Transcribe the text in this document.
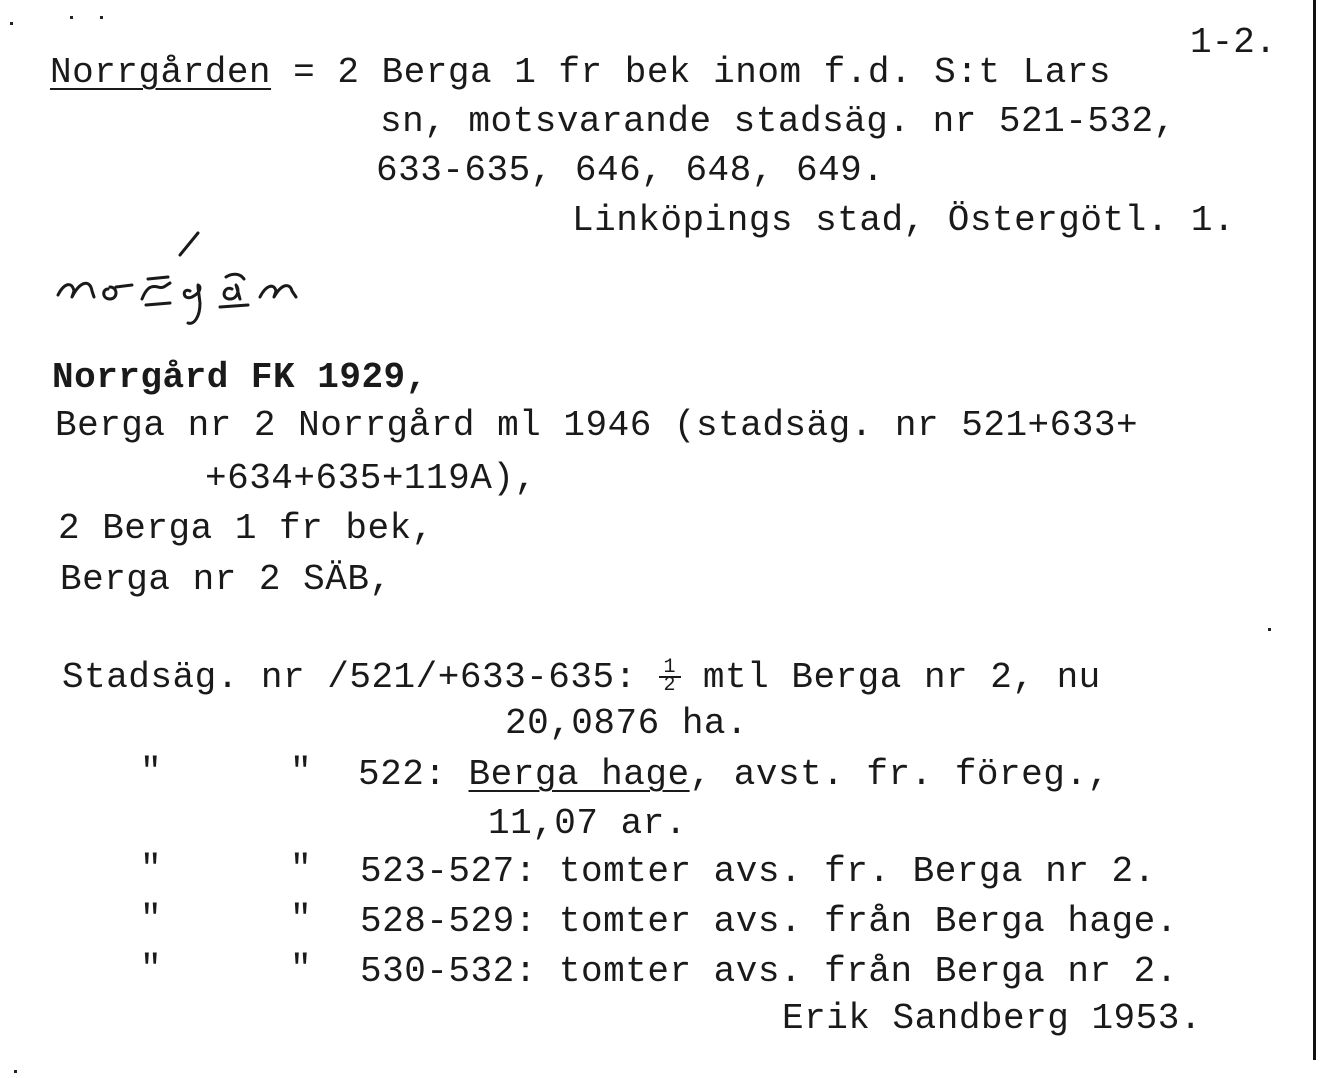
1-2.
Norrgården = 2 Berga 1 fr bek inom f.d. S:t Lars
sn, motsvarande stadsäg. nr 521-532,
633-635, 646, 648, 649.
Linköpings stad, Östergötl. 1.
Norrgård FK 1929,
Berga nr 2 Norrgård ml 1946 (stadsäg. nr 521+633+
+634+635+119A),
2 Berga 1 fr bek,
Berga nr 2 SÄB,
Stadsäg. nr /521/+633-635: $\frac{1}{2}$ mtl Berga nr 2, nu
20,0876 ha.
"	" 522: Berga hage, avst. fr. föreg.,
11,07 ar.
"	" 523-527: tomter avs. fr. Berga nr 2.
"	" 528-529: tomter avs. från Berga hage.
"	" 530-532: tomter avs. från Berga nr 2.
Erik Sandberg 1953.
